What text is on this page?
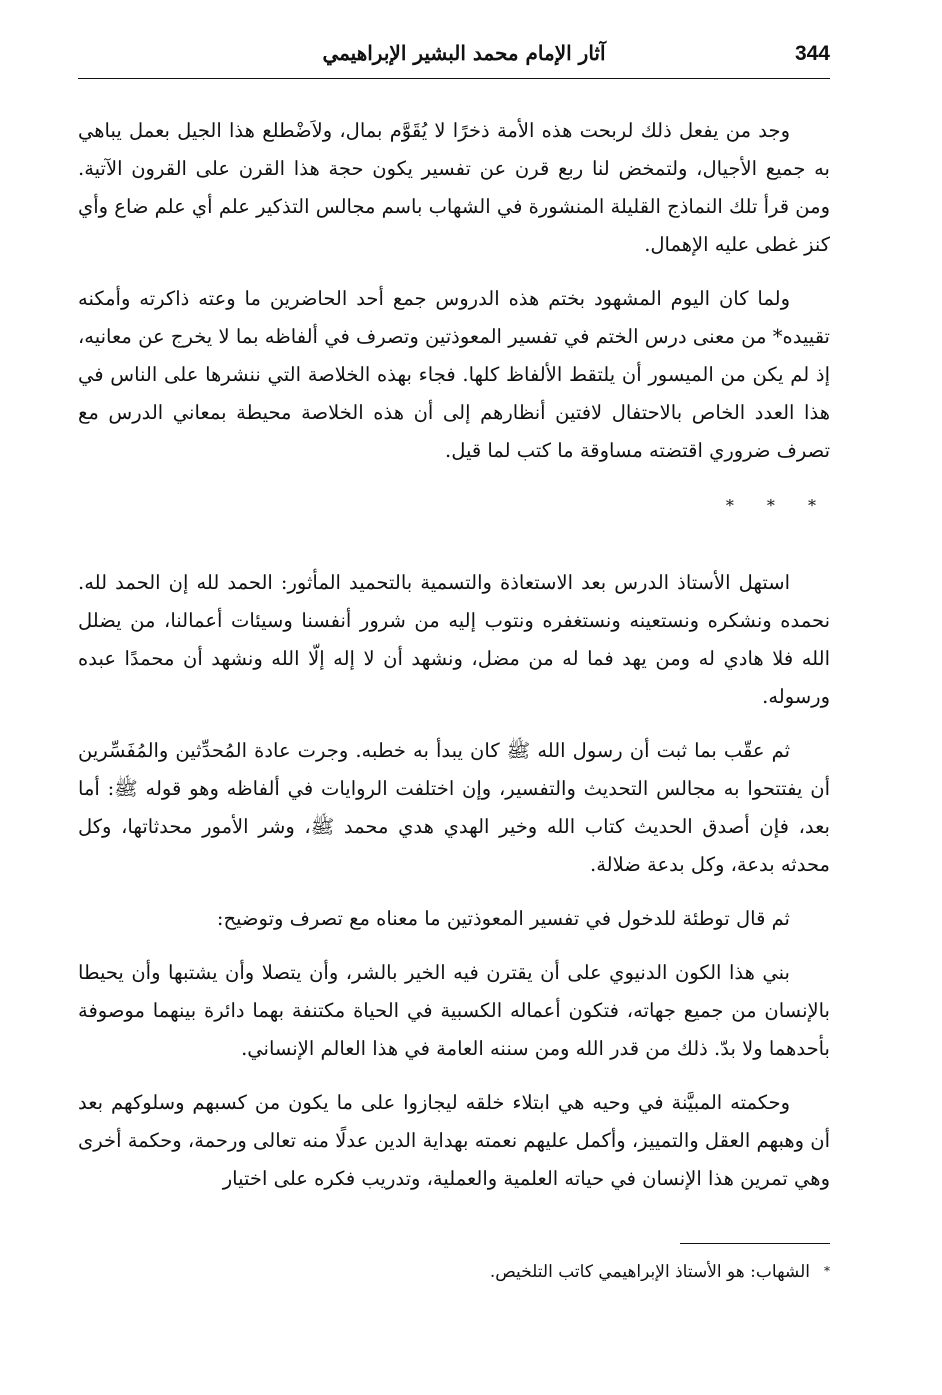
344
آثار الإمام محمد البشير الإبراهيمي

وجد من يفعل ذلك لربحت هذه الأمة ذخرًا لا يُقَوَّم بمال، ولاَضْطلع هذا الجيل بعمل يباهي به جميع الأجيال، ولتمخض لنا ربع قرن عن تفسير يكون حجة هذا القرن على القرون الآتية. ومن قرأ تلك النماذج القليلة المنشورة في الشهاب باسم مجالس التذكير علم أي علم ضاع وأي كنز غطى عليه الإهمال.

ولما كان اليوم المشهود بختم هذه الدروس جمع أحد الحاضرين ما وعته ذاكرته وأمكنه تقييده* من معنى درس الختم في تفسير المعوذتين وتصرف في ألفاظه بما لا يخرج عن معانيه، إذ لم يكن من الميسور أن يلتقط الألفاظ كلها. فجاء بهذه الخلاصة التي ننشرها على الناس في هذا العدد الخاص بالاحتفال لافتين أنظارهم إلى أن هذه الخلاصة محيطة بمعاني الدرس مع تصرف ضروري اقتضته مساوقة ما كتب لما قيل.

* * *

استهل الأستاذ الدرس بعد الاستعاذة والتسمية بالتحميد المأثور: الحمد لله إن الحمد لله. نحمده ونشكره ونستعينه ونستغفره ونتوب إليه من شرور أنفسنا وسيئات أعمالنا، من يضلل الله فلا هادي له ومن يهد فما له من مضل، ونشهد أن لا إله إلّا الله ونشهد أن محمدًا عبده ورسوله.

ثم عقّب بما ثبت أن رسول الله ﷺ كان يبدأ به خطبه. وجرت عادة المُحدِّثين والمُفَسِّرين أن يفتتحوا به مجالس التحديث والتفسير، وإن اختلفت الروايات في ألفاظه وهو قوله ﷺ: أما بعد، فإن أصدق الحديث كتاب الله وخير الهدي هدي محمد ﷺ، وشر الأمور محدثاتها، وكل محدثه بدعة، وكل بدعة ضلالة.

ثم قال توطئة للدخول في تفسير المعوذتين ما معناه مع تصرف وتوضيح:

بني هذا الكون الدنيوي على أن يقترن فيه الخير بالشر، وأن يتصلا وأن يشتبها وأن يحيطا بالإنسان من جميع جهاته، فتكون أعماله الكسبية في الحياة مكتنفة بهما دائرة بينهما موصوفة بأحدهما ولا بدّ. ذلك من قدر الله ومن سننه العامة في هذا العالم الإنساني.

وحكمته المبيَّنة في وحيه هي ابتلاء خلقه ليجازوا على ما يكون من كسبهم وسلوكهم بعد أن وهبهم العقل والتمييز، وأكمل عليهم نعمته بهداية الدين عدلًا منه تعالى ورحمة، وحكمة أخرى وهي تمرين هذا الإنسان في حياته العلمية والعملية، وتدريب فكره على اختيار

*الشهاب: هو الأستاذ الإبراهيمي كاتب التلخيص.
